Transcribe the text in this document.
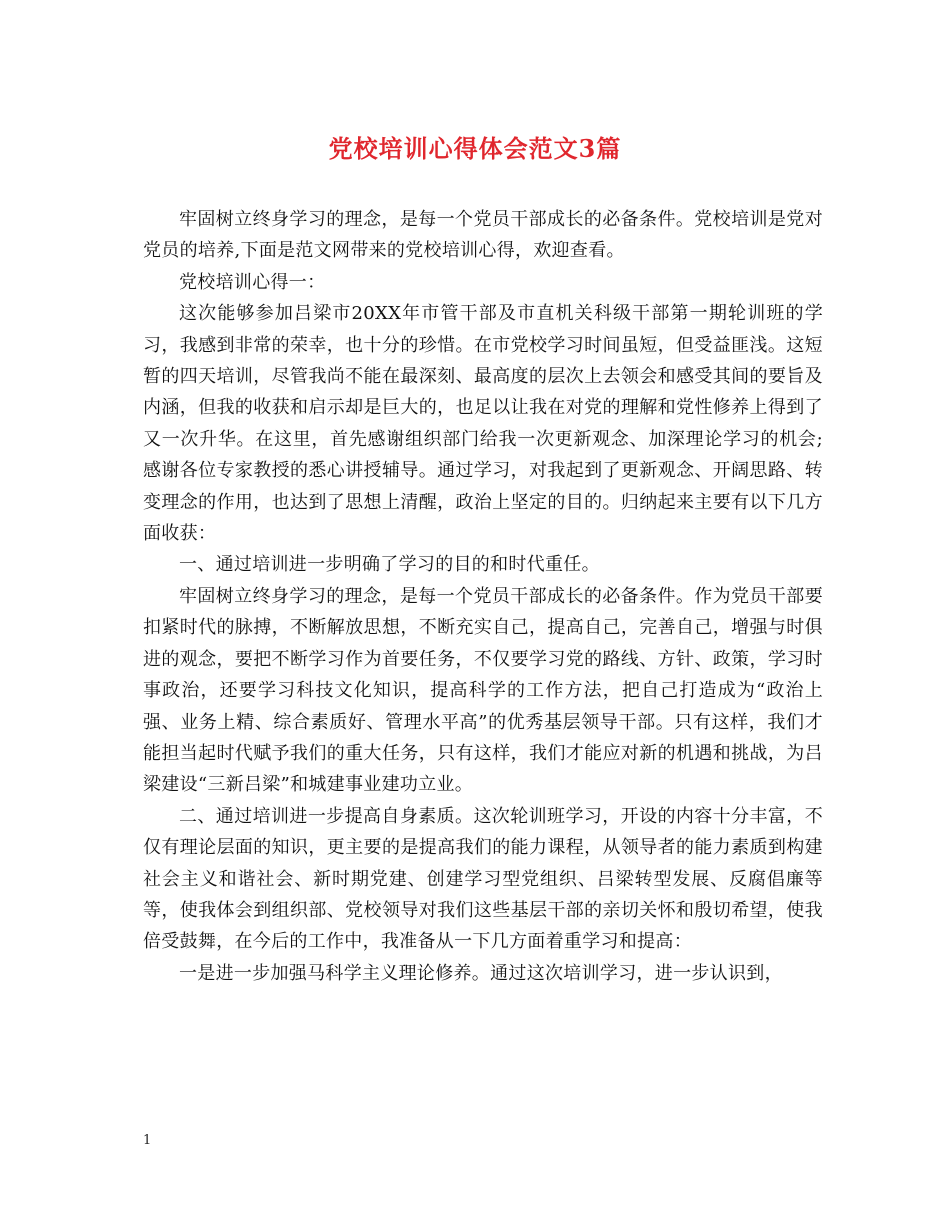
党校培训心得体会范文3篇

牢固树立终身学习的理念，是每一个党员干部成长的必备条件。党校培训是党对党员的培养,下面是范文网带来的党校培训心得，欢迎查看。

党校培训心得一：

这次能够参加吕梁市20XX年市管干部及市直机关科级干部第一期轮训班的学习，我感到非常的荣幸，也十分的珍惜。在市党校学习时间虽短，但受益匪浅。这短暂的四天培训，尽管我尚不能在最深刻、最高度的层次上去领会和感受其间的要旨及内涵，但我的收获和启示却是巨大的，也足以让我在对党的理解和党性修养上得到了又一次升华。在这里，首先感谢组织部门给我一次更新观念、加深理论学习的机会;感谢各位专家教授的悉心讲授辅导。通过学习，对我起到了更新观念、开阔思路、转变理念的作用，也达到了思想上清醒，政治上坚定的目的。归纳起来主要有以下几方面收获：

一、通过培训进一步明确了学习的目的和时代重任。

牢固树立终身学习的理念，是每一个党员干部成长的必备条件。作为党员干部要扣紧时代的脉搏，不断解放思想，不断充实自己，提高自己，完善自己，增强与时俱进的观念，要把不断学习作为首要任务，不仅要学习党的路线、方针、政策，学习时事政治，还要学习科技文化知识，提高科学的工作方法，把自己打造成为“政治上强、业务上精、综合素质好、管理水平高”的优秀基层领导干部。只有这样，我们才能担当起时代赋予我们的重大任务，只有这样，我们才能应对新的机遇和挑战，为吕梁建设“三新吕梁”和城建事业建功立业。

二、通过培训进一步提高自身素质。这次轮训班学习，开设的内容十分丰富，不仅有理论层面的知识，更主要的是提高我们的能力课程，从领导者的能力素质到构建社会主义和谐社会、新时期党建、创建学习型党组织、吕梁转型发展、反腐倡廉等等，使我体会到组织部、党校领导对我们这些基层干部的亲切关怀和殷切希望，使我倍受鼓舞，在今后的工作中，我准备从一下几方面着重学习和提高：

一是进一步加强马科学主义理论修养。通过这次培训学习，进一步认识到，

1
